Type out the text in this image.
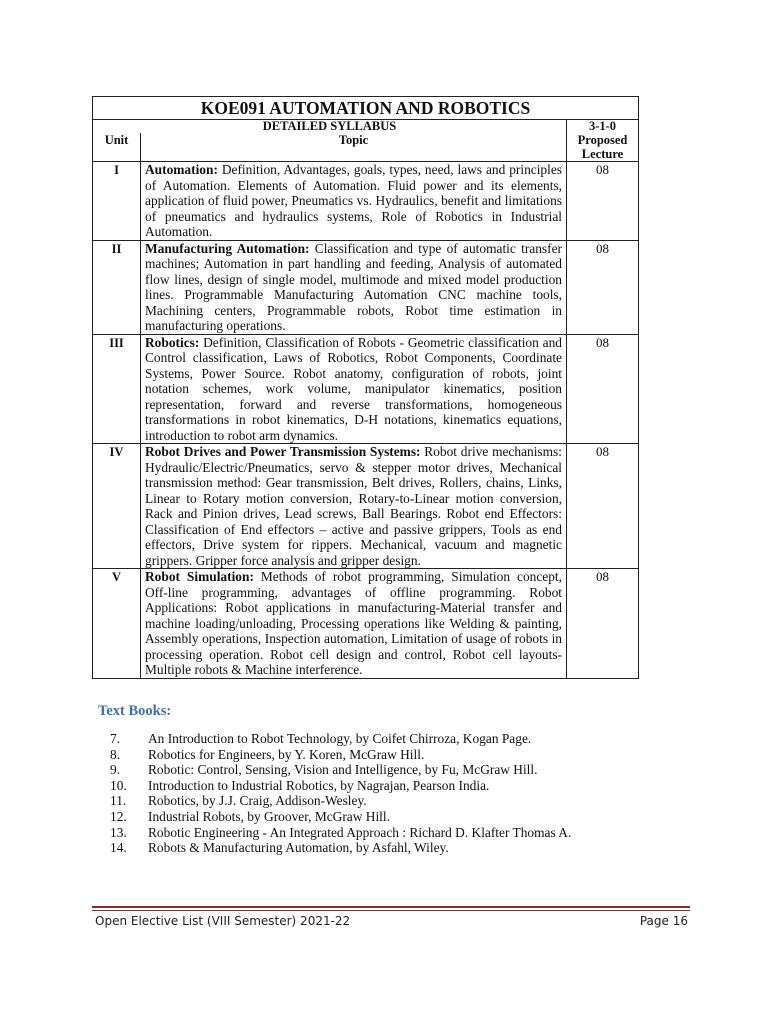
KOE091 AUTOMATION AND ROBOTICS		
DETAILED SYLLABUS		3-1-0
Unit	Topic	Proposed Lecture
I	Automation: Definition, Advantages, goals, types, need, laws and principles of Automation. Elements of Automation. Fluid power and its elements, application of fluid power, Pneumatics vs. Hydraulics, benefit and limitations of pneumatics and hydraulics systems, Role of Robotics in Industrial Automation.	08
II	Manufacturing Automation: Classification and type of automatic transfer machines; Automation in part handling and feeding, Analysis of automated flow lines, design of single model, multimode and mixed model production lines. Programmable Manufacturing Automation CNC machine tools, Machining centers, Programmable robots, Robot time estimation in manufacturing operations.	08
III	Robotics: Definition, Classification of Robots - Geometric classification and Control classification, Laws of Robotics, Robot Components, Coordinate Systems, Power Source. Robot anatomy, configuration of robots, joint notation schemes, work volume, manipulator kinematics, position representation, forward and reverse transformations, homogeneous transformations in robot kinematics, D-H notations, kinematics equations, introduction to robot arm dynamics.	08
IV	Robot Drives and Power Transmission Systems: Robot drive mechanisms: Hydraulic/Electric/Pneumatics, servo & stepper motor drives, Mechanical transmission method: Gear transmission, Belt drives, Rollers, chains, Links, Linear to Rotary motion conversion, Rotary-to-Linear motion conversion, Rack and Pinion drives, Lead screws, Ball Bearings. Robot end Effectors: Classification of End effectors – active and passive grippers, Tools as end effectors, Drive system for rippers. Mechanical, vacuum and magnetic grippers. Gripper force analysis and gripper design.	08
V	Robot Simulation: Methods of robot programming, Simulation concept, Off-line programming, advantages of offline programming. Robot Applications: Robot applications in manufacturing-Material transfer and machine loading/unloading, Processing operations like Welding & painting, Assembly operations, Inspection automation, Limitation of usage of robots in processing operation. Robot cell design and control, Robot cell layouts-Multiple robots & Machine interference.	08
Text Books:
7.	An Introduction to Robot Technology, by Coifet Chirroza, Kogan Page.
8.	Robotics for Engineers, by Y. Koren, McGraw Hill.
9.	Robotic: Control, Sensing, Vision and Intelligence, by Fu, McGraw Hill.
10.	Introduction to Industrial Robotics, by Nagrajan, Pearson India.
11.	Robotics, by J.J. Craig, Addison-Wesley.
12.	Industrial Robots, by Groover, McGraw Hill.
13.	Robotic Engineering - An Integrated Approach : Richard D. Klafter Thomas A.
14.	Robots & Manufacturing Automation, by Asfahl, Wiley.
Open Elective List (VIII Semester) 2021-22	Page 16
